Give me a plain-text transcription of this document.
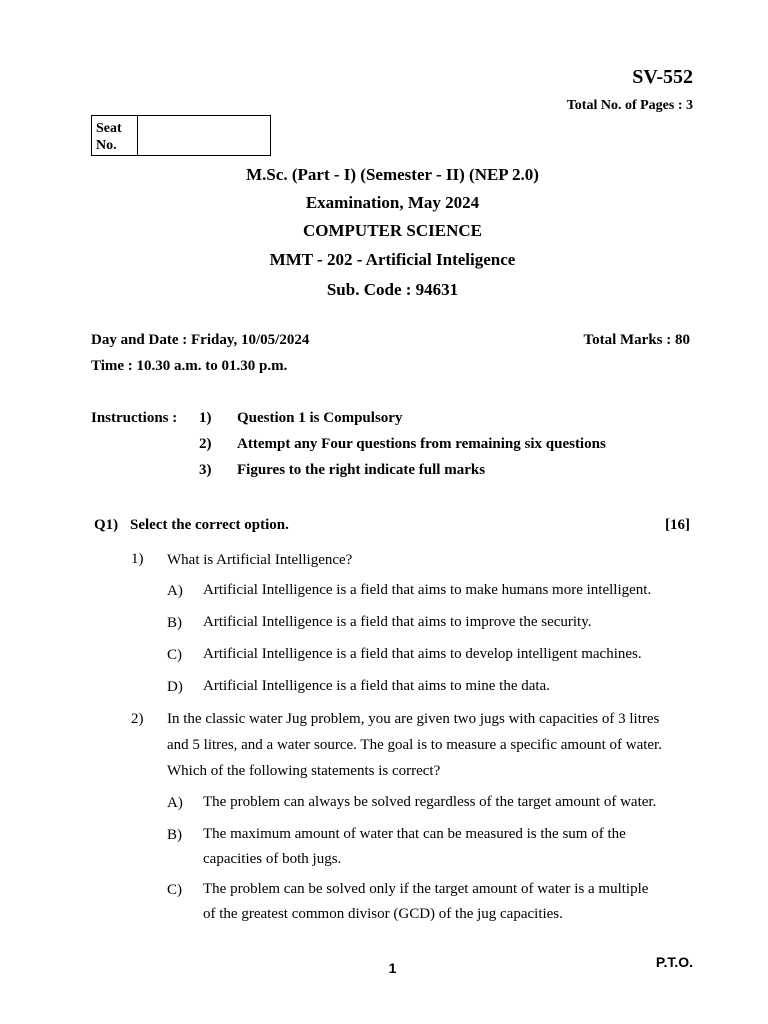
SV-552
Total No. of Pages : 3
Seat No.
M.Sc. (Part - I) (Semester - II) (NEP 2.0)
Examination, May 2024
COMPUTER SCIENCE
MMT - 202 - Artificial Inteligence
Sub. Code : 94631
Day and Date : Friday, 10/05/2024	Total Marks : 80
Time : 10.30 a.m. to 01.30 p.m.
Instructions : 1) Question 1 is Compulsory
2) Attempt any Four questions from remaining six questions
3) Figures to the right indicate full marks
Q1) Select the correct option.	[16]
1) What is Artificial Intelligence?
A) Artificial Intelligence is a field that aims to make humans more intelligent.
B) Artificial Intelligence is a field that aims to improve the security.
C) Artificial Intelligence is a field that aims to develop intelligent machines.
D) Artificial Intelligence is a field that aims to mine the data.
2) In the classic water Jug problem, you are given two jugs with capacities of 3 litres
and 5 litres, and a water source. The goal is to measure a specific amount of water.
Which of the following statements is correct?
A) The problem can always be solved regardless of the target amount of water.
B) The maximum amount of water that can be measured is the sum of the
capacities of both jugs.
C) The problem can be solved only if the target amount of water is a multiple
of the greatest common divisor (GCD) of the jug capacities.
1	P.T.O.
